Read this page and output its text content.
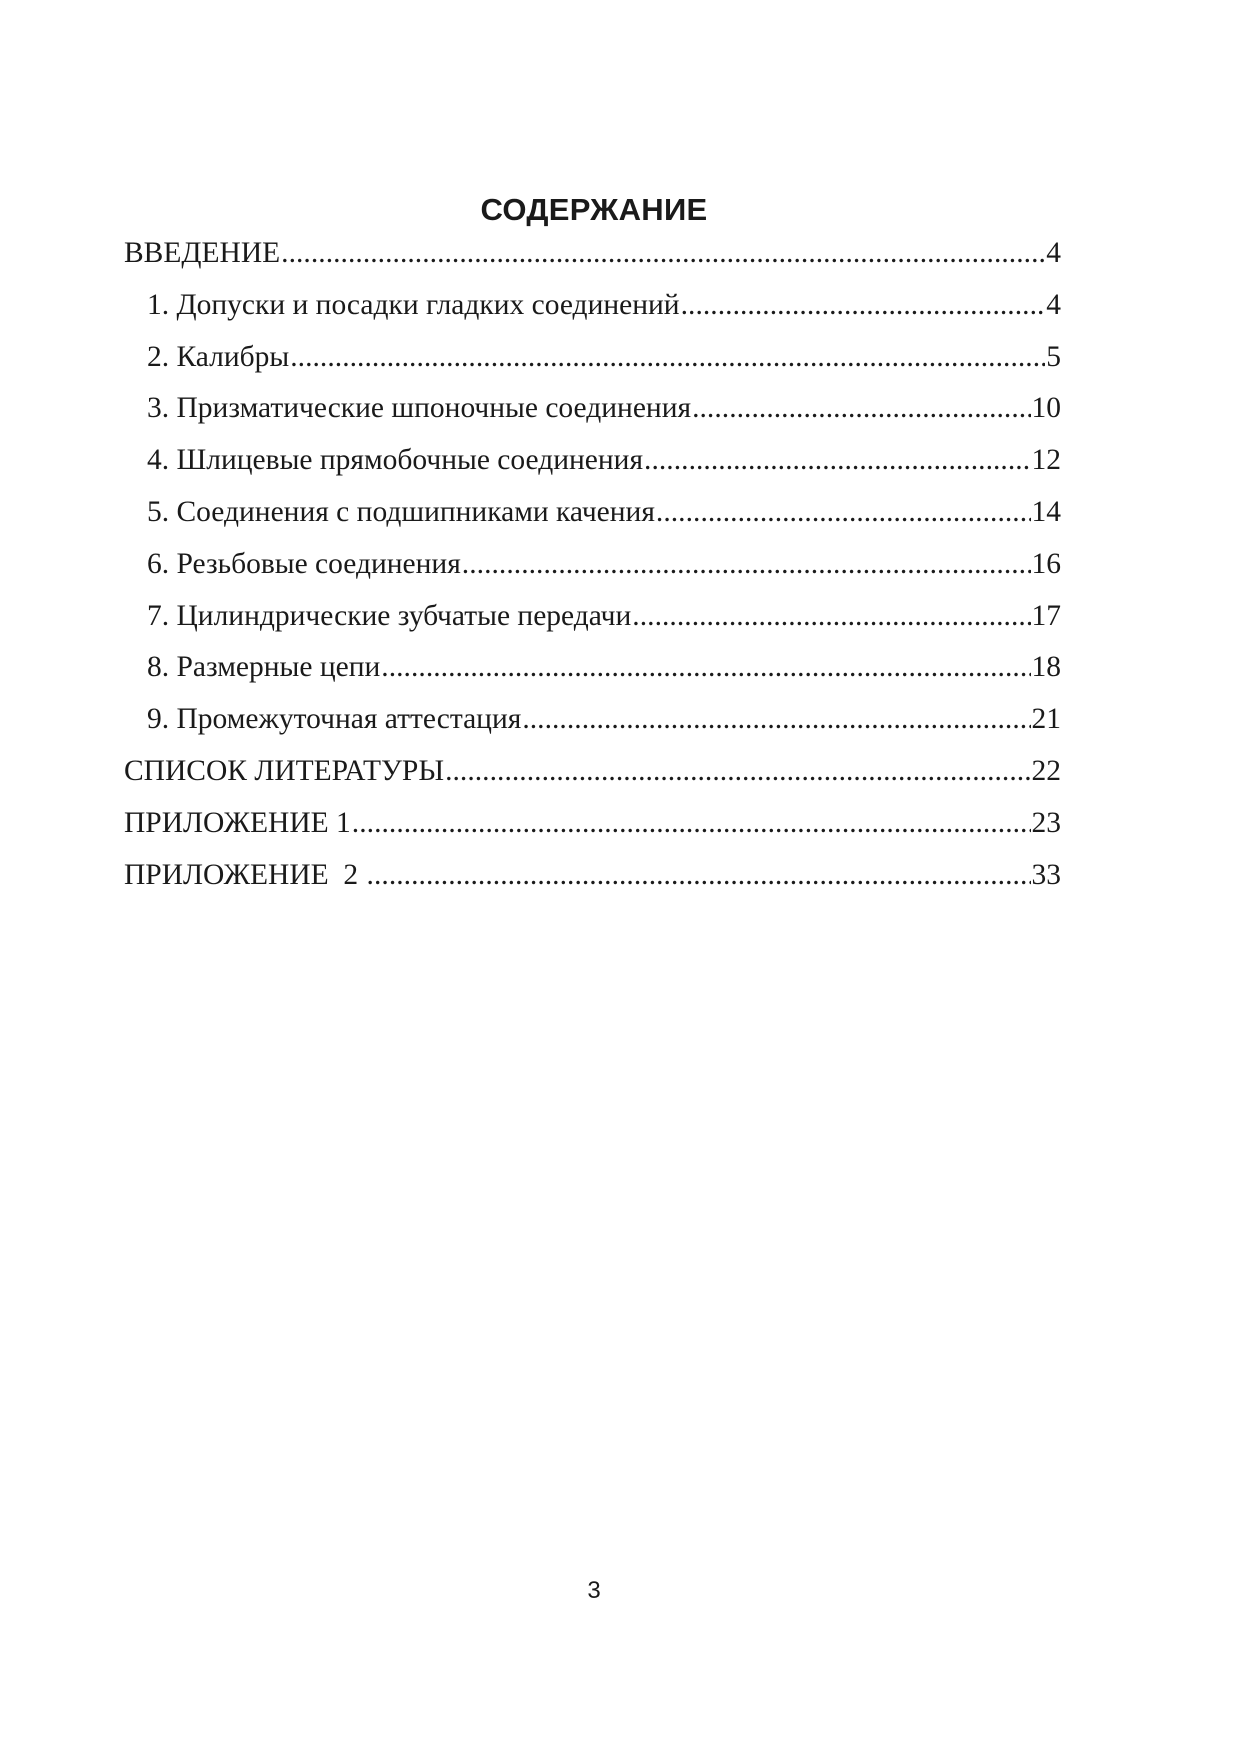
СОДЕРЖАНИЕ
ВВЕДЕНИЕ .....	4
1. Допуски и посадки гладких соединений .....	4
2. Калибры .....	5
3. Призматические шпоночные соединения .....	10
4. Шлицевые прямобочные соединения .....	12
5. Соединения с подшипниками качения .....	14
6. Резьбовые соединения .....	16
7. Цилиндрические зубчатые передачи .....	17
8. Размерные цепи .....	18
9. Промежуточная аттестация .....	21
СПИСОК ЛИТЕРАТУРЫ .....	22
ПРИЛОЖЕНИЕ 1 .....	23
ПРИЛОЖЕНИЕ  2 .....	33
3
